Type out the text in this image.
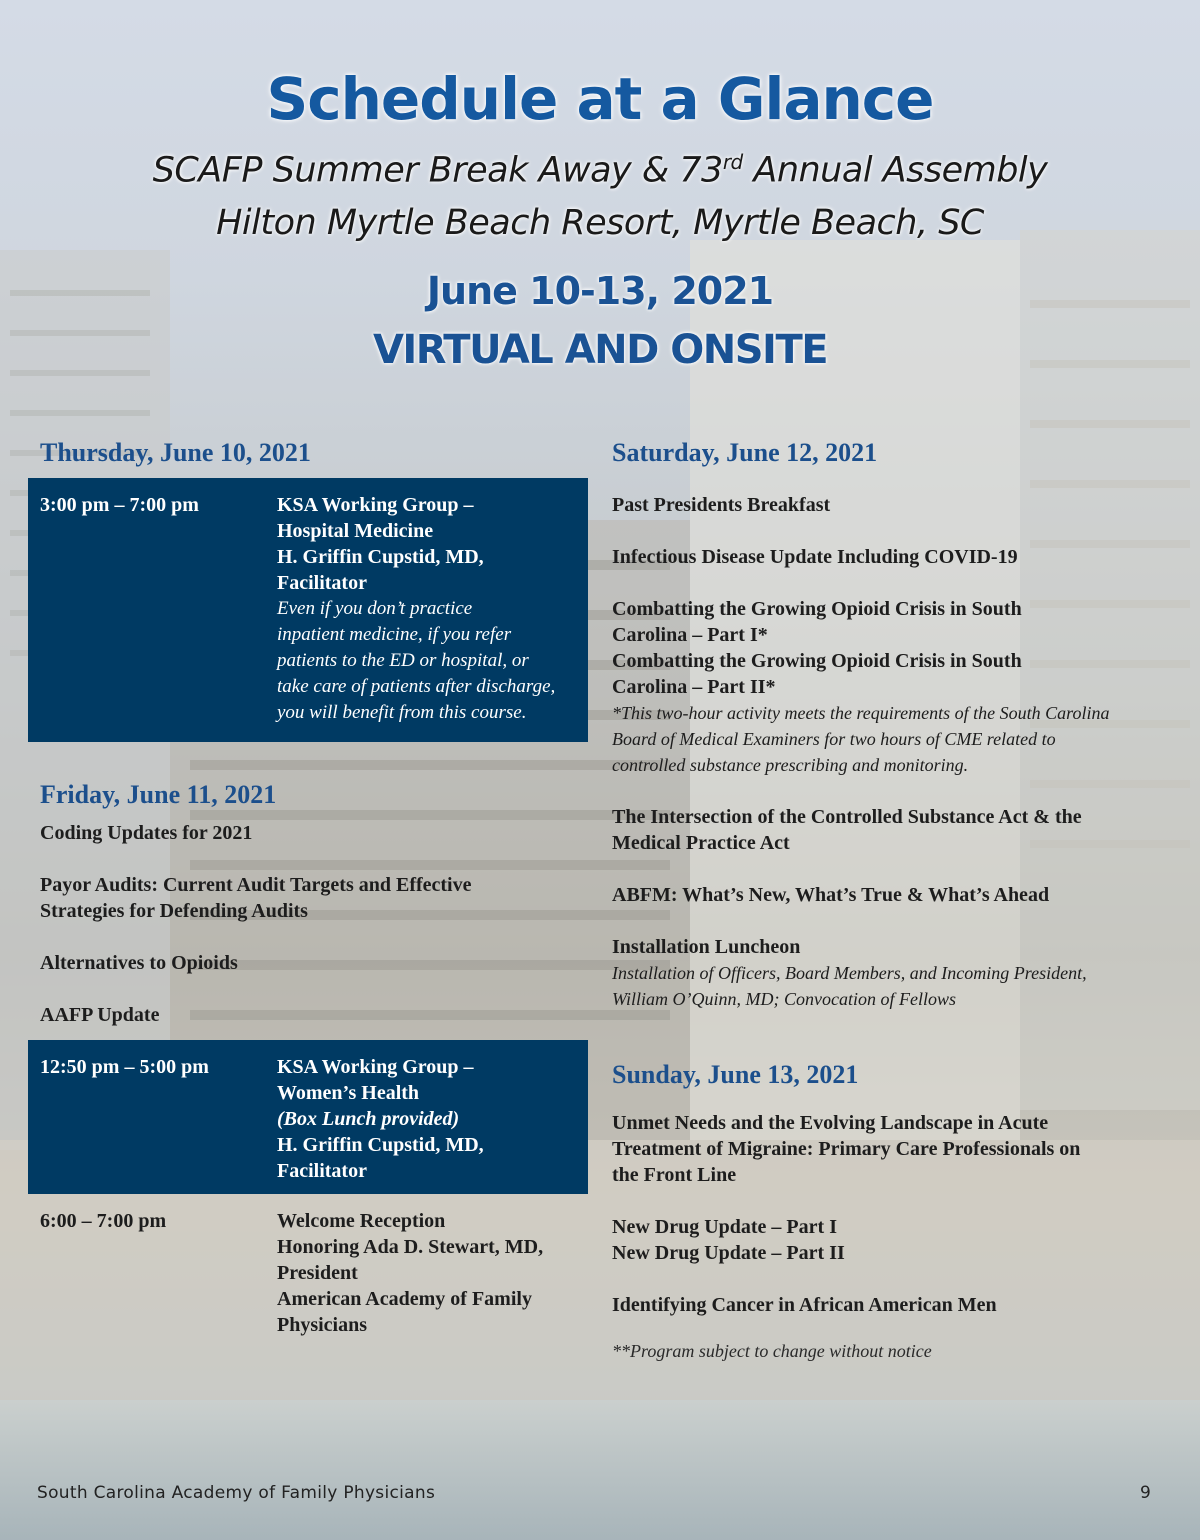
Schedule at a Glance

SCAFP Summer Break Away & 73rd Annual Assembly

Hilton Myrtle Beach Resort, Myrtle Beach, SC

June 10-13, 2021

VIRTUAL AND ONSITE

Thursday, June 10, 2021
3:00 pm – 7:00 pm	KSA Working Group –

Hospital Medicine

H. Griffin Cupstid, MD,

Facilitator

Even if you don’t practice

inpatient medicine, if you refer

patients to the ED or hospital, or

take care of patients after discharge,

you will benefit from this course.

Friday, June 11, 2021

Coding Updates for 2021

Payor Audits: Current Audit Targets and Effective

Strategies for Defending Audits

Alternatives to Opioids

AAFP Update

12:50 pm – 5:00 pm	KSA Working Group –

Women’s Health

(Box Lunch provided)

H. Griffin Cupstid, MD,

Facilitator

6:00 – 7:00 pm	Welcome Reception

Honoring Ada D. Stewart, MD,

President

American Academy of Family

Physicians

Saturday, June 12, 2021

Past Presidents Breakfast

Infectious Disease Update Including COVID-19

Combatting the Growing Opioid Crisis in South

Carolina – Part I*

Combatting the Growing Opioid Crisis in South

Carolina – Part II*

*This two-hour activity meets the requirements of the South Carolina

Board of Medical Examiners for two hours of CME related to

controlled substance prescribing and monitoring.

The Intersection of the Controlled Substance Act & the

Medical Practice Act

ABFM: What’s New, What’s True & What’s Ahead

Installation Luncheon

Installation of Officers, Board Members, and Incoming President,

William O’Quinn, MD; Convocation of Fellows

Sunday, June 13, 2021

Unmet Needs and the Evolving Landscape in Acute

Treatment of Migraine: Primary Care Professionals on

the Front Line

New Drug Update – Part I

New Drug Update – Part II

Identifying Cancer in African American Men

**Program subject to change without notice

South Carolina Academy of Family Physicians	9
